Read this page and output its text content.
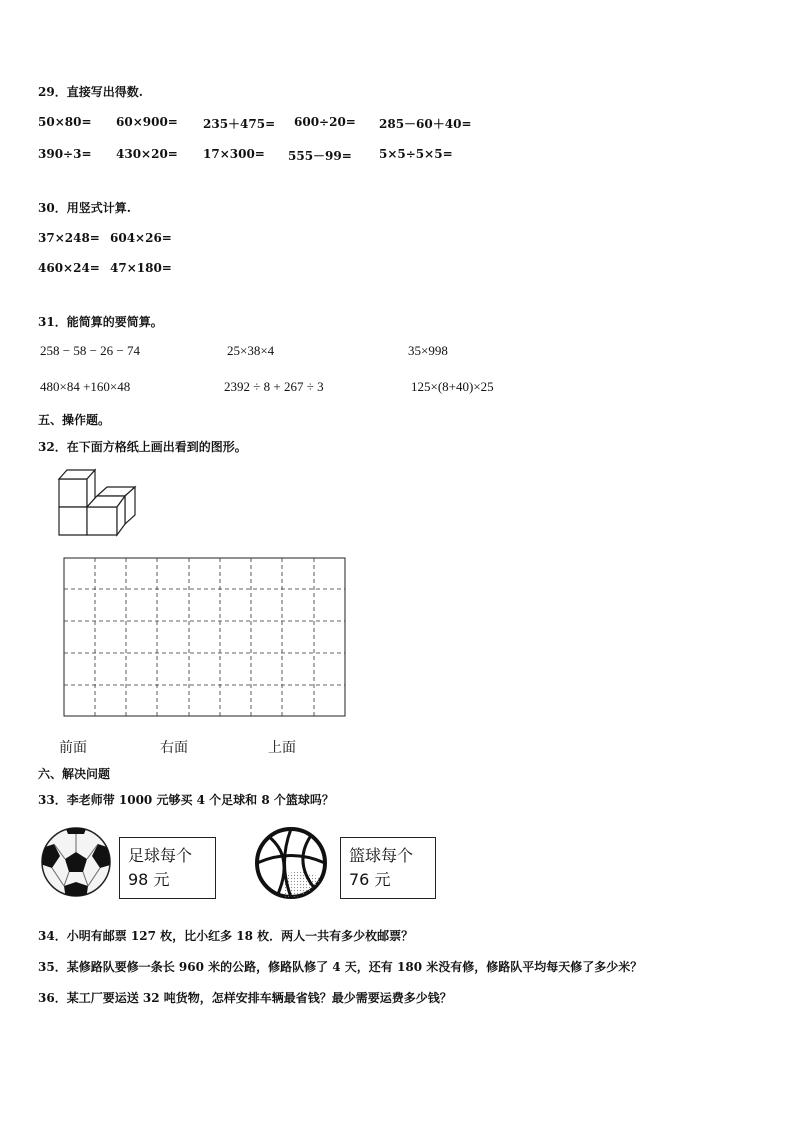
29．直接写出得数.
50×80= 60×900= 235＋475= 600÷20= 285－60＋40=
390÷3= 430×20= 17×300= 555－99= 5×5÷5×5=
30．用竖式计算.
37×248= 604×26=
460×24= 47×180=
31．能简算的要简算。
258 − 58 − 26 − 74	25×38×4	35×998
480×84 +160×48	2392 ÷ 8 + 267 ÷ 3	125×(8+40)×25
五、操作题。
32．在下面方格纸上画出看到的图形。
前面	右面	上面
六、解决问题
33．李老师带 1000 元够买 4 个足球和 8 个篮球吗？
足球每个
98 元
篮球每个
76 元
34．小明有邮票 127 枚，比小红多 18 枚．两人一共有多少枚邮票？
35．某修路队要修一条长 960 米的公路，修路队修了 4 天，还有 180 米没有修，修路队平均每天修了多少米？
36．某工厂要运送 32 吨货物，怎样安排车辆最省钱？最少需要运费多少钱？
